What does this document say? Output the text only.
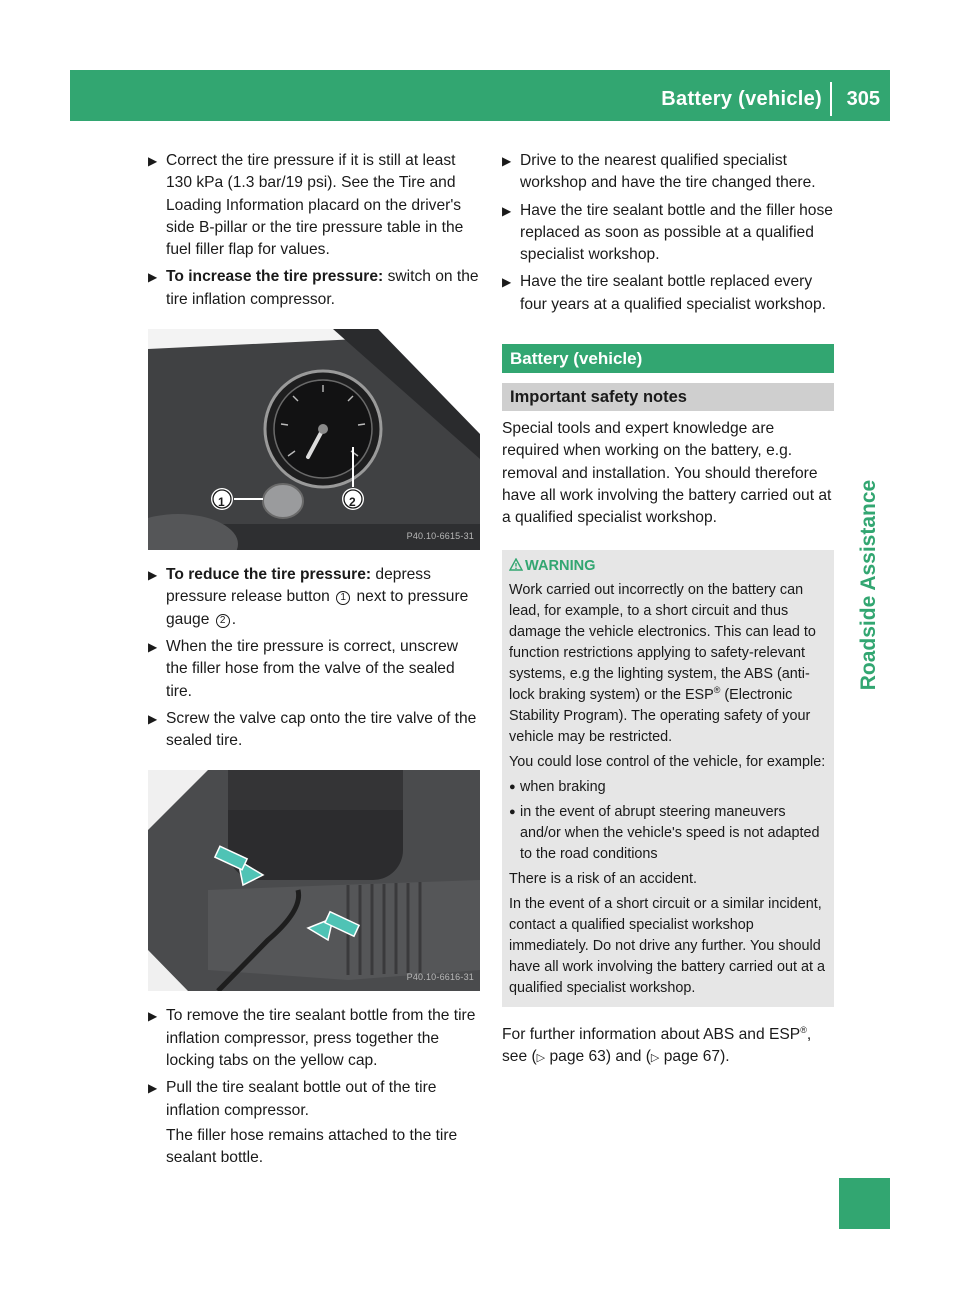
Battery (vehicle) 305
Roadside Assistance
▶ Correct the tire pressure if it is still at least 130 kPa (1.3 bar/19 psi). See the Tire and Loading Information placard on the driver's side B-pillar or the tire pressure table in the fuel filler flap for values.
▶ To increase the tire pressure: switch on the tire inflation compressor.
1	2
P40.10-6615-31
▶ To reduce the tire pressure: depress pressure release button 1 next to pressure gauge 2 .
▶ When the tire pressure is correct, unscrew the filler hose from the valve of the sealed tire.
▶ Screw the valve cap onto the tire valve of the sealed tire.
P40.10-6616-31
▶ To remove the tire sealant bottle from the tire inflation compressor, press together the locking tabs on the yellow cap.
▶ Pull the tire sealant bottle out of the tire inflation compressor.
The filler hose remains attached to the tire sealant bottle.
▶ Drive to the nearest qualified specialist workshop and have the tire changed there.
▶ Have the tire sealant bottle and the filler hose replaced as soon as possible at a qualified specialist workshop.
▶ Have the tire sealant bottle replaced every four years at a qualified specialist workshop.
Battery (vehicle)
Important safety notes
Special tools and expert knowledge are required when working on the battery, e.g. removal and installation. You should therefore have all work involving the battery carried out at a qualified specialist workshop.
WARNING
Work carried out incorrectly on the battery can lead, for example, to a short circuit and thus damage the vehicle electronics. This can lead to function restrictions applying to safety-relevant systems, e.g the lighting system, the ABS (anti-lock braking system) or the ESP® (Electronic Stability Program). The operating safety of your vehicle may be restricted.
You could lose control of the vehicle, for example:
● when braking
● in the event of abrupt steering maneuvers and/or when the vehicle's speed is not adapted to the road conditions
There is a risk of an accident.
In the event of a short circuit or a similar incident, contact a qualified specialist workshop immediately. Do not drive any further. You should have all work involving the battery carried out at a qualified specialist workshop.
For further information about ABS and ESP®, see (▷ page 63) and (▷ page 67).
